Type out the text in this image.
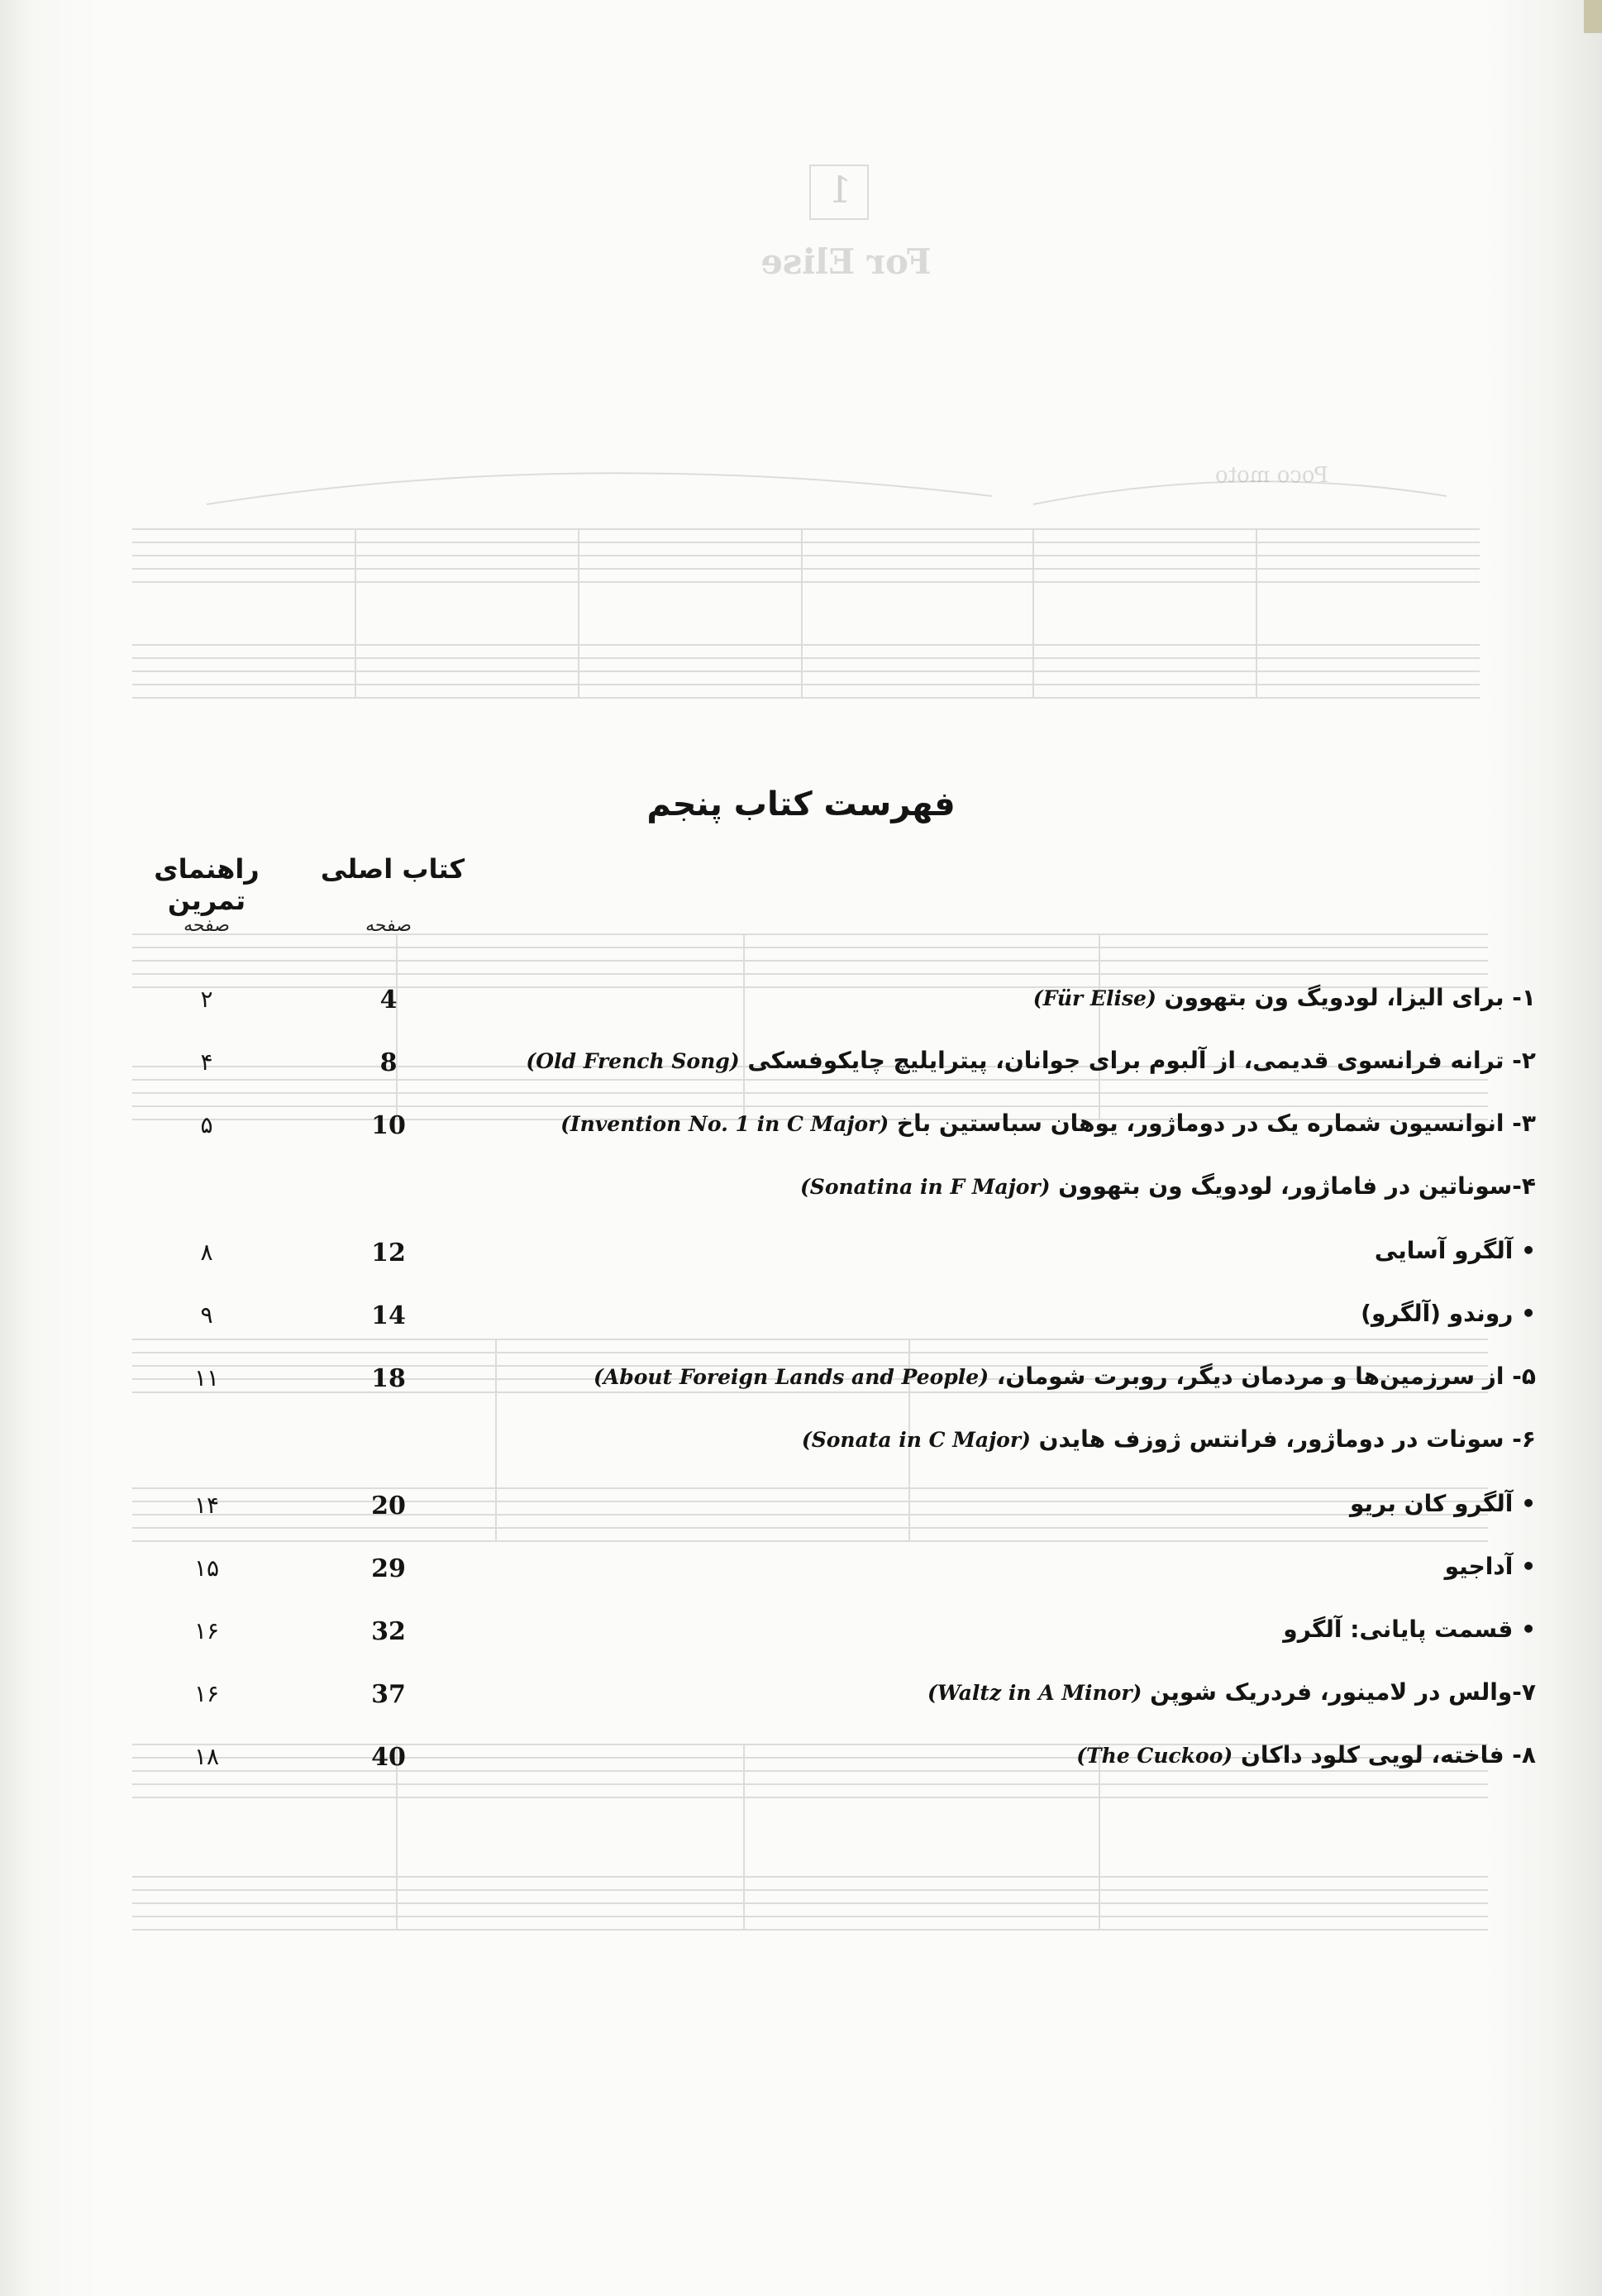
1
For Elise
Poco moto
فهرست کتاب پنجم
کتاب اصلی
راهنمای تمرین
صفحه
صفحه
۱- برای الیزا، لودویگ ون بتهوون (Für Elise)
4
۲
۲- ترانه فرانسوی قدیمی، از آلبوم برای جوانان، پیترایلیچ چایکوفسکی (Old French Song)
8
۴
۳- انوانسیون شماره یک در دوماژور، یوهان سباستین باخ (Invention No. 1 in C Major)
10
۵
۴-سوناتین در فاماژور، لودویگ ون بتهوون (Sonatina in F Major)
• آلگرو آسایی
12
۸
• روندو (آلگرو)
14
۹
۵- از سرزمین‌ها و مردمان دیگر، روبرت شومان، (About Foreign Lands and People)
18
۱۱
۶- سونات در دوماژور، فرانتس ژوزف هایدن (Sonata in C Major)
• آلگرو کان بریو
20
۱۴
• آداجیو
29
۱۵
• قسمت پایانی: آلگرو
32
۱۶
۷-والس در لامینور، فردریک شوپن (Waltz in A Minor)
37
۱۶
۸- فاخته، لویی کلود داکان (The Cuckoo)
40
۱۸
